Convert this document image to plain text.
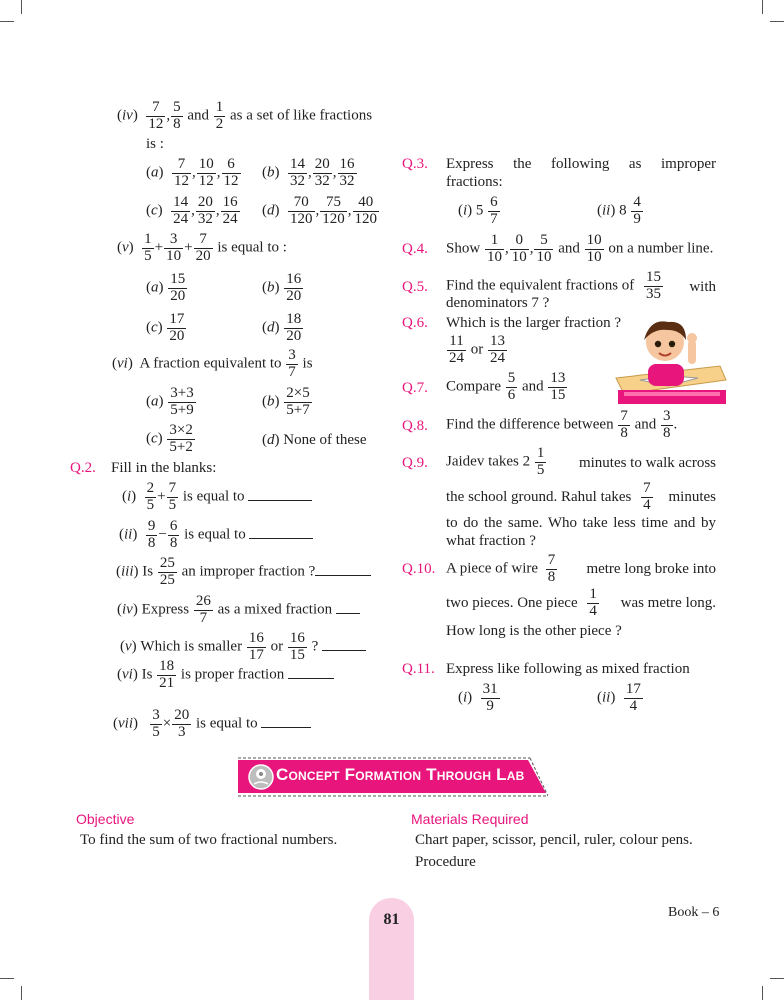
$(iv) \frac{7}{12}$ , $\frac{5}{8}$ and $\frac{1}{2}$ as a set of like fractions
is :
$(a) \frac{7}{12}$ , $\frac{10}{12}$ , $\frac{6}{12} (b) \frac{14}{32}$ , $\frac{20}{32}$ , $\frac{16}{32}$
$(c) \frac{14}{24}$ , $\frac{20}{32}$ , $\frac{16}{24} (d) \frac{70}{120}$ , $\frac{75}{120}$ , $\frac{40}{120}$
$(v) \frac{1}{5} + \frac{3}{10} + \frac{7}{20}$ is equal to :
$(a) \frac{15}{20}$	$(b) \frac{16}{20}$
$(c) \frac{17}{20}$	$(d) \frac{18}{20}$
(vi)  A fraction equivalent to $\frac{3}{7}$ is
$(a) \frac{3+3}{5+9}$	$(b) \frac{2\times 5}{5+7}$
$(c) \frac{3\times 2}{5+2}$	(d) None of these
Q.2. Fill in the blanks:
$(i) \frac{2}{5} + \frac{7}{5}$ is equal to
$(ii) \frac{9}{8} - \frac{6}{8}$ is equal to
(iii) Is $\frac{25}{25}$ an improper fraction ?
(iv) Express $\frac{26}{7}$ as a mixed fraction
(v) Which is smaller $\frac{16}{17}$ or $\frac{16}{15}$ ?
(vi) Is $\frac{18}{21}$ is proper fraction
$(vii) \frac{3}{5} \times \frac{20}{3}$ is equal to
Q.3. Express the following as improper
fractions:
(i) $5 \frac{6}{7}$	(ii) $8 \frac{4}{9}$
Q.4. Show $\frac{1}{10}$ , $\frac{0}{10}$ , $\frac{5}{10}$ and $\frac{10}{10}$ on a number line.
Q.5. Find the equivalent fractions of $\frac{15}{35}$ with
denominators 7 ?
Q.6. Which is the larger fraction ?
$\frac{11}{24}$ or $\frac{13}{24}$
Q.7. Compare $\frac{5}{6}$ and $\frac{13}{15}$
Q.8. Find the difference between $\frac{7}{8}$ and $\frac{3}{8}$ .
Q.9. Jaidev takes $2 \frac{1}{5}$ minutes to walk across
the school ground. Rahul takes $\frac{7}{4}$ minutes
to do the same. Who take less time and by
what fraction ?
Q.10. A piece of wire $\frac{7}{8}$ metre long broke into
two pieces. One piece $\frac{1}{4}$ was metre long.
How long is the other piece ?
Q.11. Express like following as mixed fraction
$(i) \frac{31}{9}$	$(ii) \frac{17}{4}$
Concept Formation Through Lab
Objective
To find the sum of two fractional numbers.
Materials Required
Chart paper, scissor, pencil, ruler, colour pens.
Procedure
81	Book – 6
